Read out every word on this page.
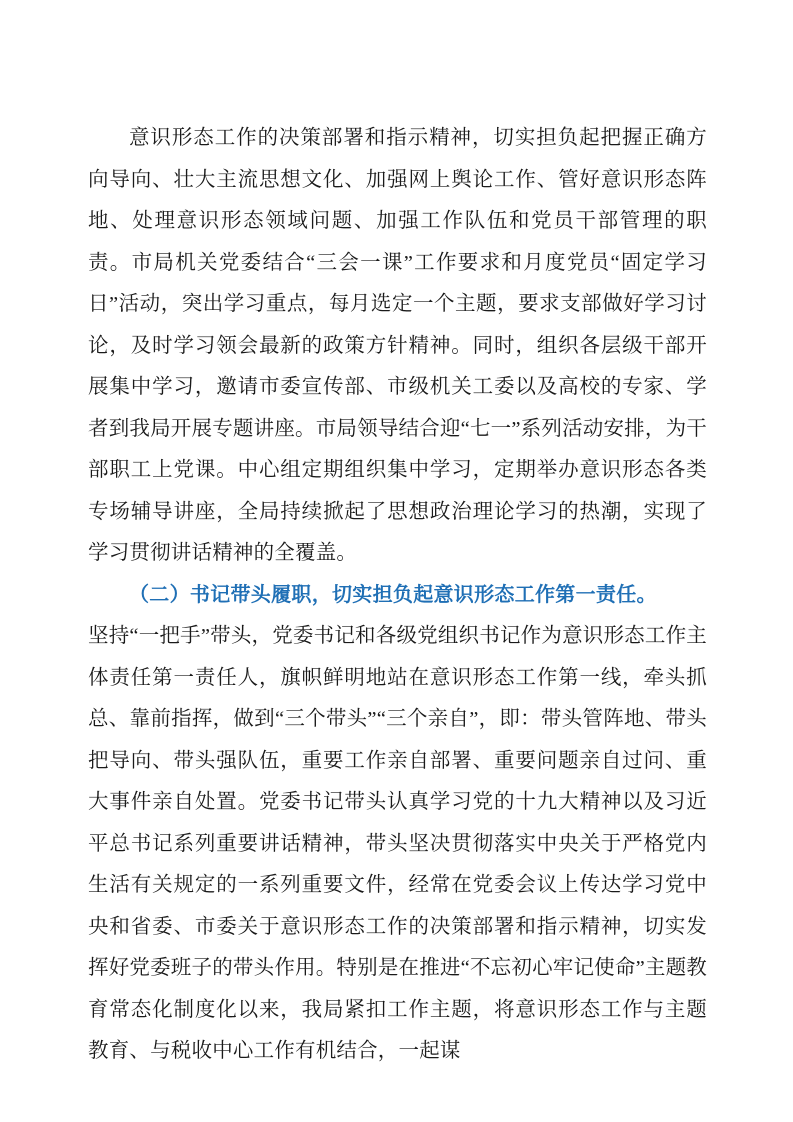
意识形态工作的决策部署和指示精神，切实担负起把握正确方向导向、壮大主流思想文化、加强网上舆论工作、管好意识形态阵地、处理意识形态领域问题、加强工作队伍和党员干部管理的职责。市局机关党委结合“三会一课”工作要求和月度党员“固定学习日”活动，突出学习重点，每月选定一个主题，要求支部做好学习讨论，及时学习领会最新的政策方针精神。同时，组织各层级干部开展集中学习，邀请市委宣传部、市级机关工委以及高校的专家、学者到我局开展专题讲座。市局领导结合迎“七一”系列活动安排，为干部职工上党课。中心组定期组织集中学习，定期举办意识形态各类专场辅导讲座，全局持续掀起了思想政治理论学习的热潮，实现了学习贯彻讲话精神的全覆盖。

（二）书记带头履职，切实担负起意识形态工作第一责任。

坚持“一把手”带头，党委书记和各级党组织书记作为意识形态工作主体责任第一责任人，旗帜鲜明地站在意识形态工作第一线，牵头抓总、靠前指挥，做到“三个带头”“三个亲自”，即：带头管阵地、带头把导向、带头强队伍，重要工作亲自部署、重要问题亲自过问、重大事件亲自处置。党委书记带头认真学习党的十九大精神以及习近平总书记系列重要讲话精神，带头坚决贯彻落实中央关于严格党内生活有关规定的一系列重要文件，经常在党委会议上传达学习党中央和省委、市委关于意识形态工作的决策部署和指示精神，切实发挥好党委班子的带头作用。特别是在推进“不忘初心牢记使命”主题教育常态化制度化以来，我局紧扣工作主题，将意识形态工作与主题教育、与税收中心工作有机结合，一起谋
